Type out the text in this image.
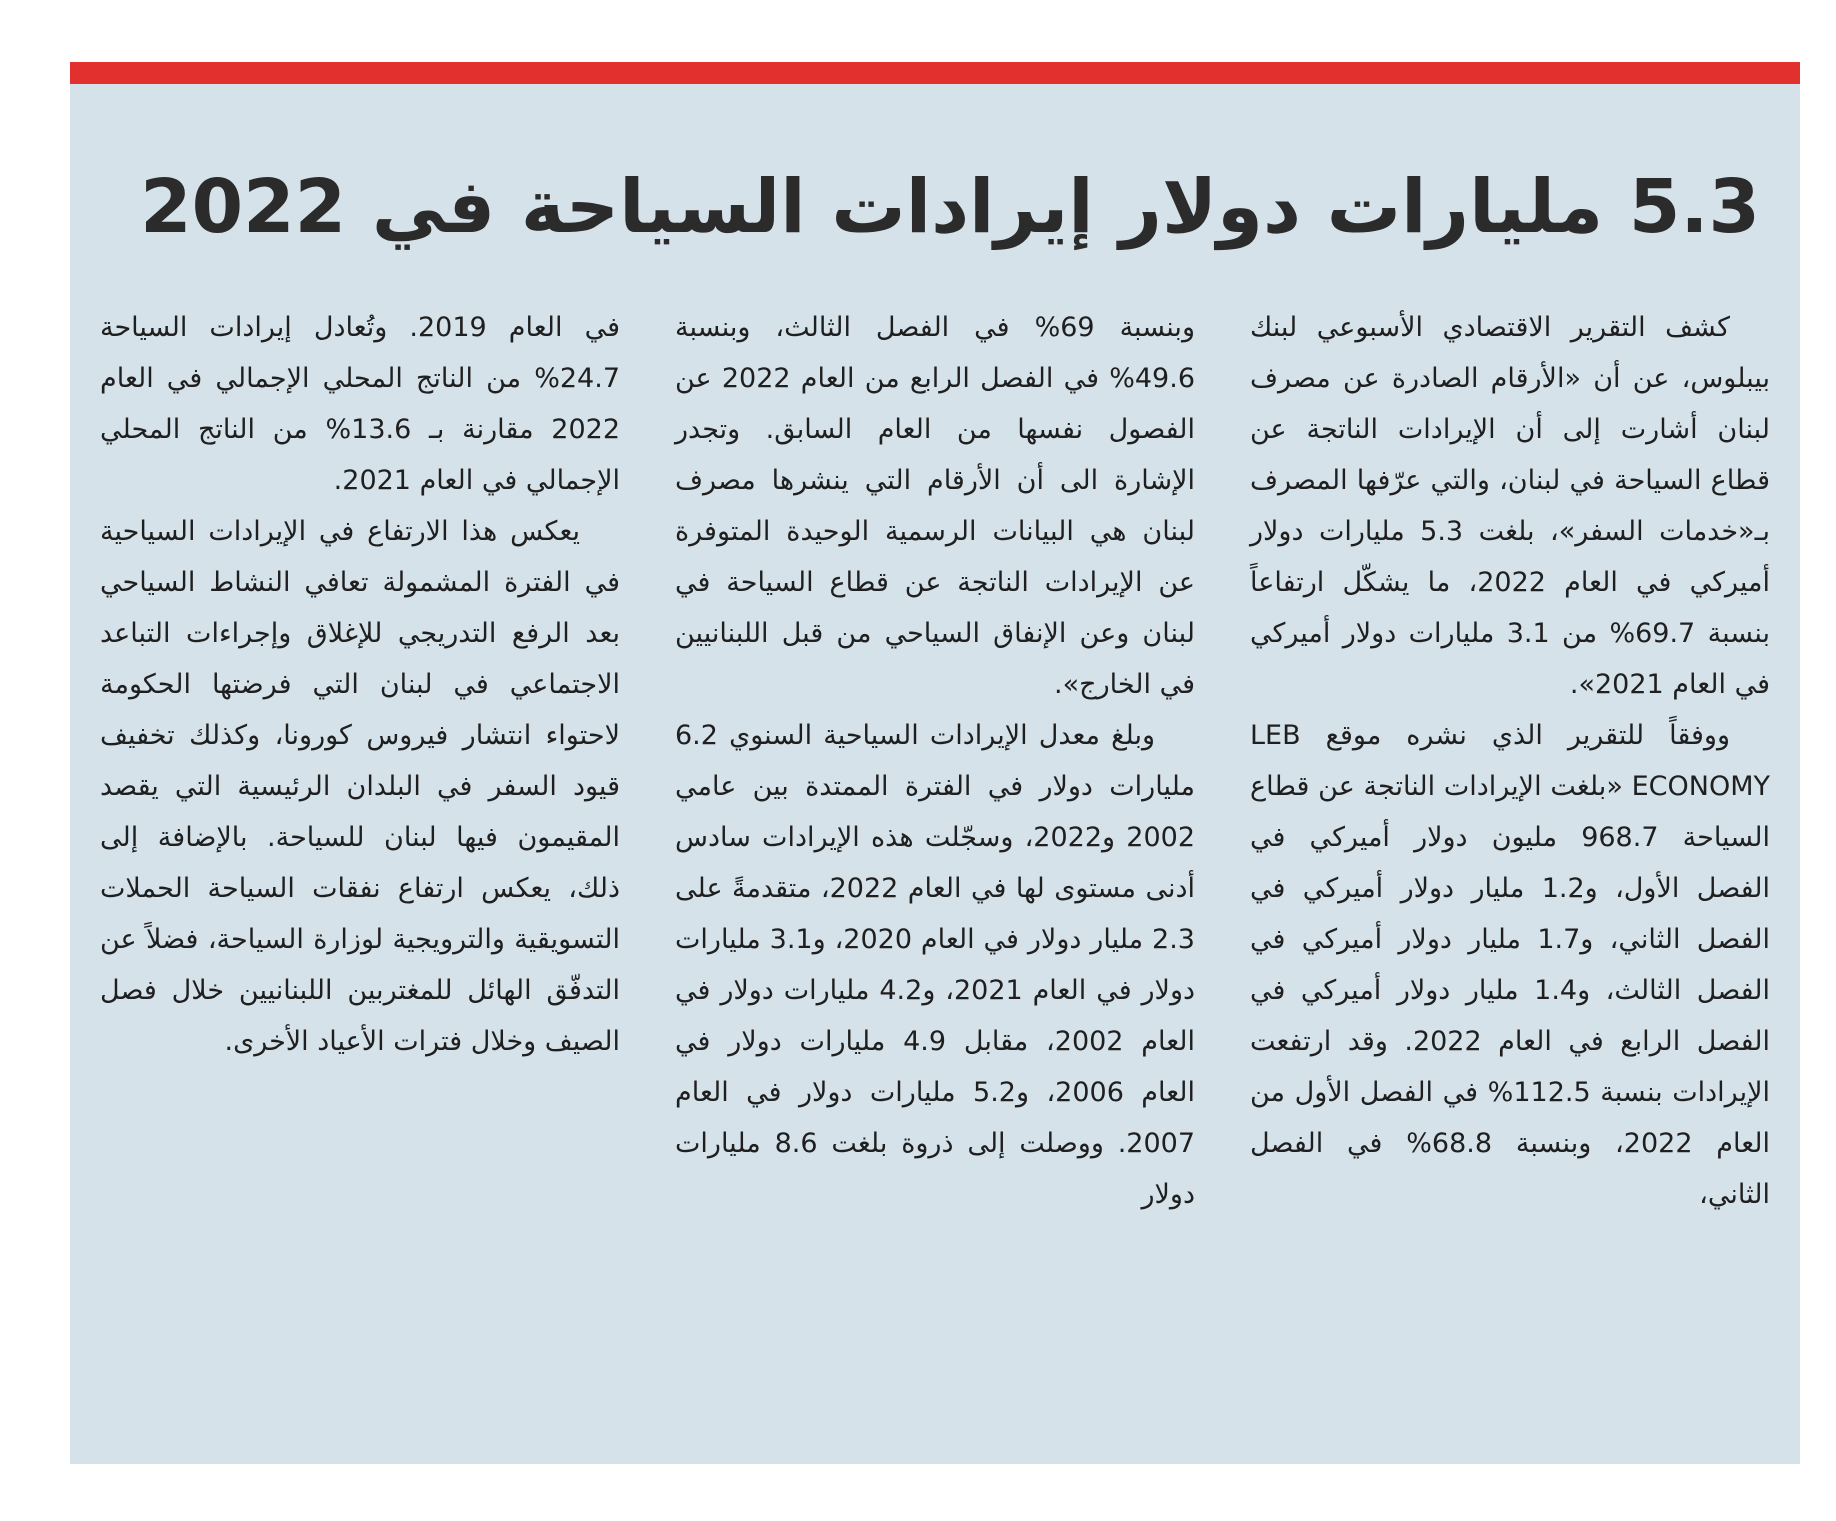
5.3 مليارات دولار إيرادات السياحة في 2022

كشف التقرير الاقتصادي الأسبوعي لبنك بيبلوس، عن أن «الأرقام الصادرة عن مصرف لبنان أشارت إلى أن الإيرادات الناتجة عن قطاع السياحة في لبنان، والتي عرّفها المصرف بـ«خدمات السفر»، بلغت 5.3 مليارات دولار أميركي في العام 2022، ما يشكّل ارتفاعاً بنسبة 69.7% من 3.1 مليارات دولار أميركي في العام 2021».

ووفقاً للتقرير الذي نشره موقع LEB ECONOMY «بلغت الإيرادات الناتجة عن قطاع السياحة 968.7 مليون دولار أميركي في الفصل الأول، و1.2 مليار دولار أميركي في الفصل الثاني، و1.7 مليار دولار أميركي في الفصل الثالث، و1.4 مليار دولار أميركي في الفصل الرابع في العام 2022. وقد ارتفعت الإيرادات بنسبة 112.5% في الفصل الأول من العام 2022، وبنسبة 68.8% في الفصل الثاني،

وبنسبة 69% في الفصل الثالث، وبنسبة 49.6% في الفصل الرابع من العام 2022 عن الفصول نفسها من العام السابق. وتجدر الإشارة الى أن الأرقام التي ينشرها مصرف لبنان هي البيانات الرسمية الوحيدة المتوفرة عن الإيرادات الناتجة عن قطاع السياحة في لبنان وعن الإنفاق السياحي من قبل اللبنانيين في الخارج».

وبلغ معدل الإيرادات السياحية السنوي 6.2 مليارات دولار في الفترة الممتدة بين عامي 2002 و2022، وسجّلت هذه الإيرادات سادس أدنى مستوى لها في العام 2022، متقدمةً على 2.3 مليار دولار في العام 2020، و3.1 مليارات دولار في العام 2021، و4.2 مليارات دولار في العام 2002، مقابل 4.9 مليارات دولار في العام 2006، و5.2 مليارات دولار في العام 2007. ووصلت إلى ذروة بلغت 8.6 مليارات دولار

في العام 2019. وتُعادل إيرادات السياحة 24.7% من الناتج المحلي الإجمالي في العام 2022 مقارنة بـ 13.6% من الناتج المحلي الإجمالي في العام 2021.

يعكس هذا الارتفاع في الإيرادات السياحية في الفترة المشمولة تعافي النشاط السياحي بعد الرفع التدريجي للإغلاق وإجراءات التباعد الاجتماعي في لبنان التي فرضتها الحكومة لاحتواء انتشار فيروس كورونا، وكذلك تخفيف قيود السفر في البلدان الرئيسية التي يقصد المقيمون فيها لبنان للسياحة. بالإضافة إلى ذلك، يعكس ارتفاع نفقات السياحة الحملات التسويقية والترويجية لوزارة السياحة، فضلاً عن التدفّق الهائل للمغتربين اللبنانيين خلال فصل الصيف وخلال فترات الأعياد الأخرى.
